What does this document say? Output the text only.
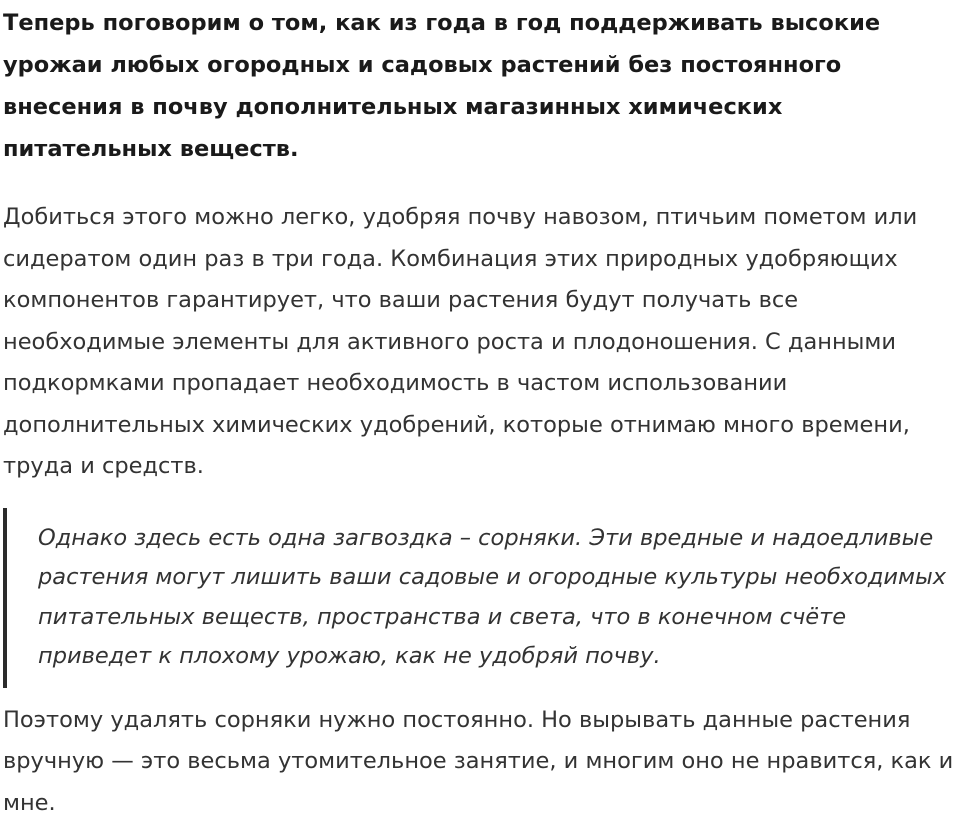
Теперь поговорим о том, как из года в год поддерживать высокие урожаи любых огородных и садовых растений без постоянного внесения в почву дополнительных магазинных химических питательных веществ.

Добиться этого можно легко, удобряя почву навозом, птичьим пометом или сидератом один раз в три года. Комбинация этих природных удобряющих компонентов гарантирует, что ваши растения будут получать все необходимые элементы для активного роста и плодоношения. С данными подкормками пропадает необходимость в частом использовании дополнительных химических удобрений, которые отнимаю много времени, труда и средств.

Однако здесь есть одна загвоздка – сорняки. Эти вредные и надоедливые растения могут лишить ваши садовые и огородные культуры необходимых питательных веществ, пространства и света, что в конечном счёте приведет к плохому урожаю, как не удобряй почву.

Поэтому удалять сорняки нужно постоянно. Но вырывать данные растения вручную — это весьма утомительное занятие, и многим оно не нравится, как и мне.
